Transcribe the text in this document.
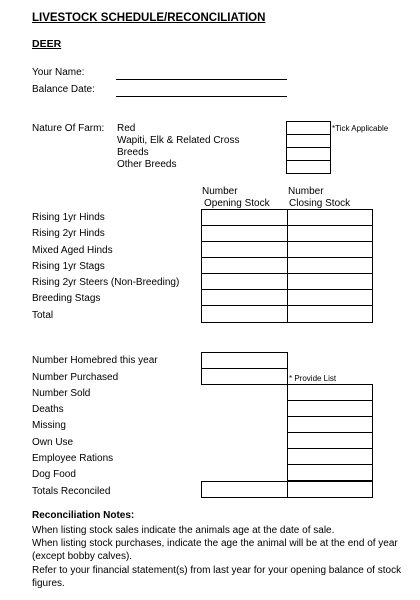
LIVESTOCK SCHEDULE/RECONCILIATION
DEER
Your Name:
Balance Date:
Nature Of Farm: Red
Wapiti, Elk & Related Cross
Breeds
Other Breeds
*Tick Applicable
Number
Opening Stock
Number
Closing Stock
Rising 1yr Hinds
Rising 2yr Hinds
Mixed Aged Hinds
Rising 1yr Stags
Rising 2yr Steers (Non-Breeding)
Breeding Stags
Total
Number Homebred this year
Number Purchased
Number Sold
Deaths
Missing
Own Use
Employee Rations
Dog Food
Totals Reconciled
* Provide List
Reconciliation Notes:
When listing stock sales indicate the animals age at the date of sale.
When listing stock purchases, indicate the age the animal will be at the end of year (except bobby calves).
Refer to your financial statement(s) from last year for your opening balance of stock figures.
